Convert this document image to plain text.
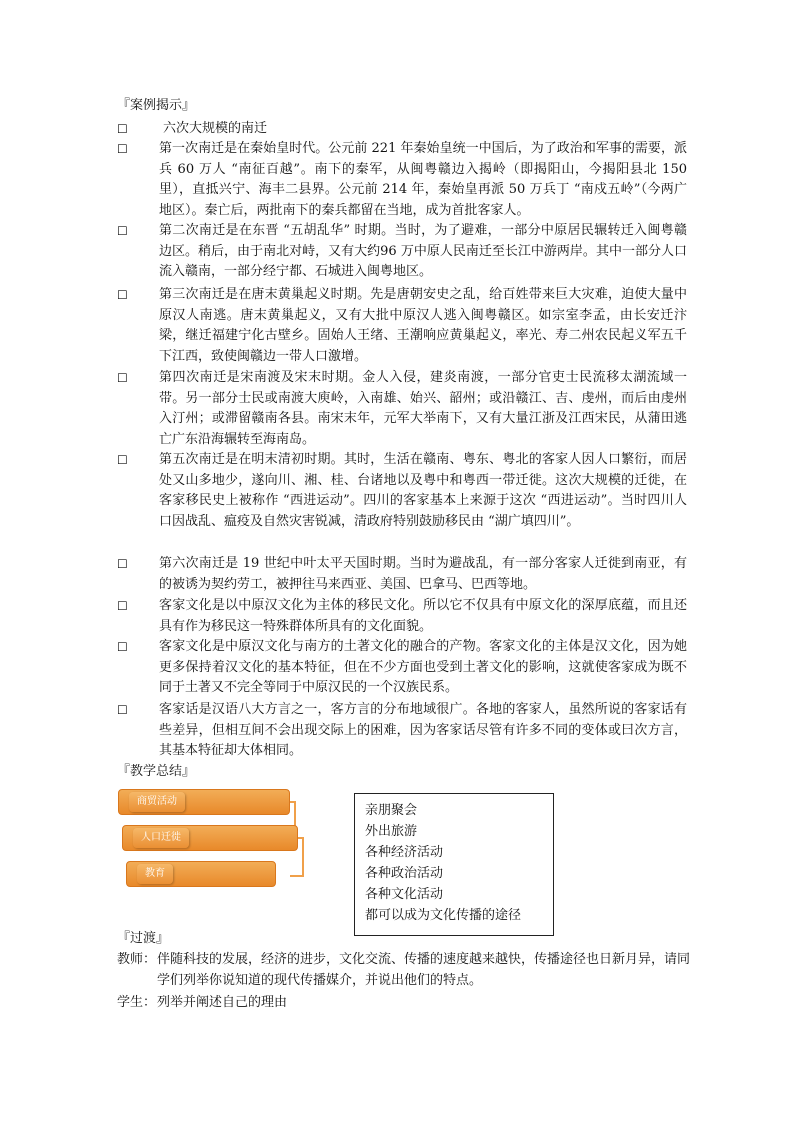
『案例揭示』
☐	六次大规模的南迁
☐ 第一次南迁是在秦始皇时代。公元前 221 年秦始皇统一中国后，为了政治和军事的需要，派兵 60 万人 “南征百越”。南下的秦军，从闽粤赣边入揭岭（即揭阳山，今揭阳县北 150 里），直抵兴宁、海丰二县界。公元前 214 年，秦始皇再派 50 万兵丁 “南戍五岭”（今两广地区）。秦亡后，两批南下的秦兵都留在当地，成为首批客家人。
☐ 第二次南迁是在东晋 “五胡乱华” 时期。当时，为了避难，一部分中原居民辗转迁入闽粤赣边区。稍后，由于南北对峙，又有大约96 万中原人民南迁至长江中游两岸。其中一部分人口流入赣南，一部分经宁都、石城进入闽粤地区。
☐ 第三次南迁是在唐末黄巢起义时期。先是唐朝安史之乱，给百姓带来巨大灾难，迫使大量中原汉人南逃。唐末黄巢起义，又有大批中原汉人逃入闽粤赣区。如宗室李孟，由长安迁汴梁，继迁福建宁化古壁乡。固始人王绪、王潮响应黄巢起义，率光、寿二州农民起义军五千下江西，致使闽赣边一带人口激增。
☐ 第四次南迁是宋南渡及宋末时期。金人入侵，建炎南渡，一部分官吏士民流移太湖流域一带。另一部分士民或南渡大庾岭，入南雄、始兴、韶州；或沿赣江、吉、虔州，而后由虔州入汀州；或滞留赣南各县。南宋末年，元军大举南下，又有大量江浙及江西宋民，从蒲田逃亡广东沿海辗转至海南岛。
☐ 第五次南迁是在明末清初时期。其时，生活在赣南、粤东、粤北的客家人因人口繁衍，而居处又山多地少，遂向川、湘、桂、台诸地以及粤中和粤西一带迁徙。这次大规模的迁徙，在客家移民史上被称作 “西进运动”。四川的客家基本上来源于这次 “西进运动”。当时四川人口因战乱、瘟疫及自然灾害锐减，清政府特别鼓励移民由 “湖广填四川”。
☐ 第六次南迁是 19 世纪中叶太平天国时期。当时为避战乱，有一部分客家人迁徙到南亚，有的被诱为契约劳工，被押往马来西亚、美国、巴拿马、巴西等地。
☐ 客家文化是以中原汉文化为主体的移民文化。所以它不仅具有中原文化的深厚底蕴，而且还具有作为移民这一特殊群体所具有的文化面貌。
☐ 客家文化是中原汉文化与南方的土著文化的融合的产物。客家文化的主体是汉文化，因为她更多保持着汉文化的基本特征，但在不少方面也受到土著文化的影响，这就使客家成为既不同于土著又不完全等同于中原汉民的一个汉族民系。
☐ 客家话是汉语八大方言之一，客方言的分布地域很广。各地的客家人，虽然所说的客家话有些差异，但相互间不会出现交际上的困难，因为客家话尽管有许多不同的变体或曰次方言，其基本特征却大体相同。
『教学总结』
商贸活动
人口迁徙
教育
亲朋聚会
外出旅游
各种经济活动
各种政治活动
各种文化活动
都可以成为文化传播的途径
『过渡』
教师： 伴随科技的发展，经济的进步，文化交流、传播的速度越来越快，传播途径也日新月异，请同学们列举你说知道的现代传播媒介，并说出他们的特点。
学生： 列举并阐述自己的理由
